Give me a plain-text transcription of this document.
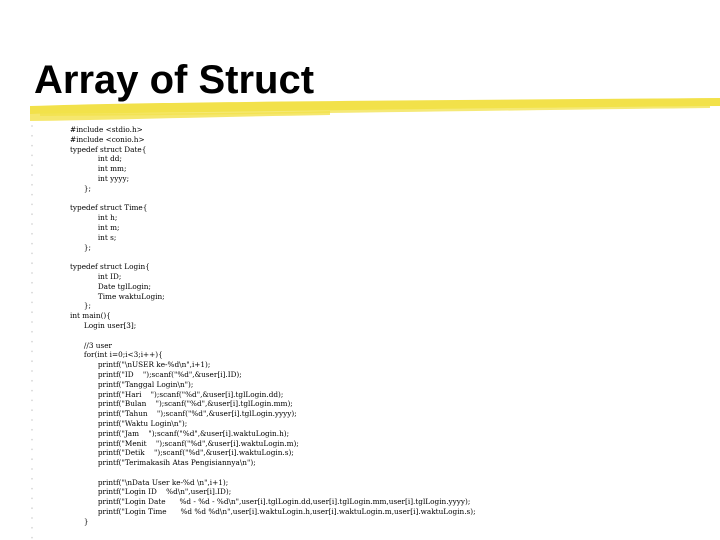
Array of Struct
#include <stdio.h>
#include <conio.h>
typedef struct Date{
int dd;
int mm;
int yyyy;
};
typedef struct Time{
int h;
int m;
int s;
};
typedef struct Login{
int ID;
Date tglLogin;
Time waktuLogin;
};
int main(){
Login user[3];
//3 user
for(int i=0;i<3;i++){
printf("\nUSER ke-%d\n",i+1);
printf("ID    ");scanf("%d",&user[i].ID);
printf("Tanggal Login\n");
printf("Hari    ");scanf("%d",&user[i].tglLogin.dd);
printf("Bulan    ");scanf("%d",&user[i].tglLogin.mm);
printf("Tahun    ");scanf("%d",&user[i].tglLogin.yyyy);
printf("Waktu Login\n");
printf("Jam    ");scanf("%d",&user[i].waktuLogin.h);
printf("Menit    ");scanf("%d",&user[i].waktuLogin.m);
printf("Detik    ");scanf("%d",&user[i].waktuLogin.s);
printf("Terimakasih Atas Pengisiannya\n");
printf("\nData User ke-%d \n",i+1);
printf("Login ID    %d\n",user[i].ID);
printf("Login Date      %d - %d - %d\n",user[i].tglLogin.dd,user[i].tglLogin.mm,user[i].tglLogin.yyyy);
printf("Login Time      %d %d %d\n",user[i].waktuLogin.h,user[i].waktuLogin.m,user[i].waktuLogin.s);
}
